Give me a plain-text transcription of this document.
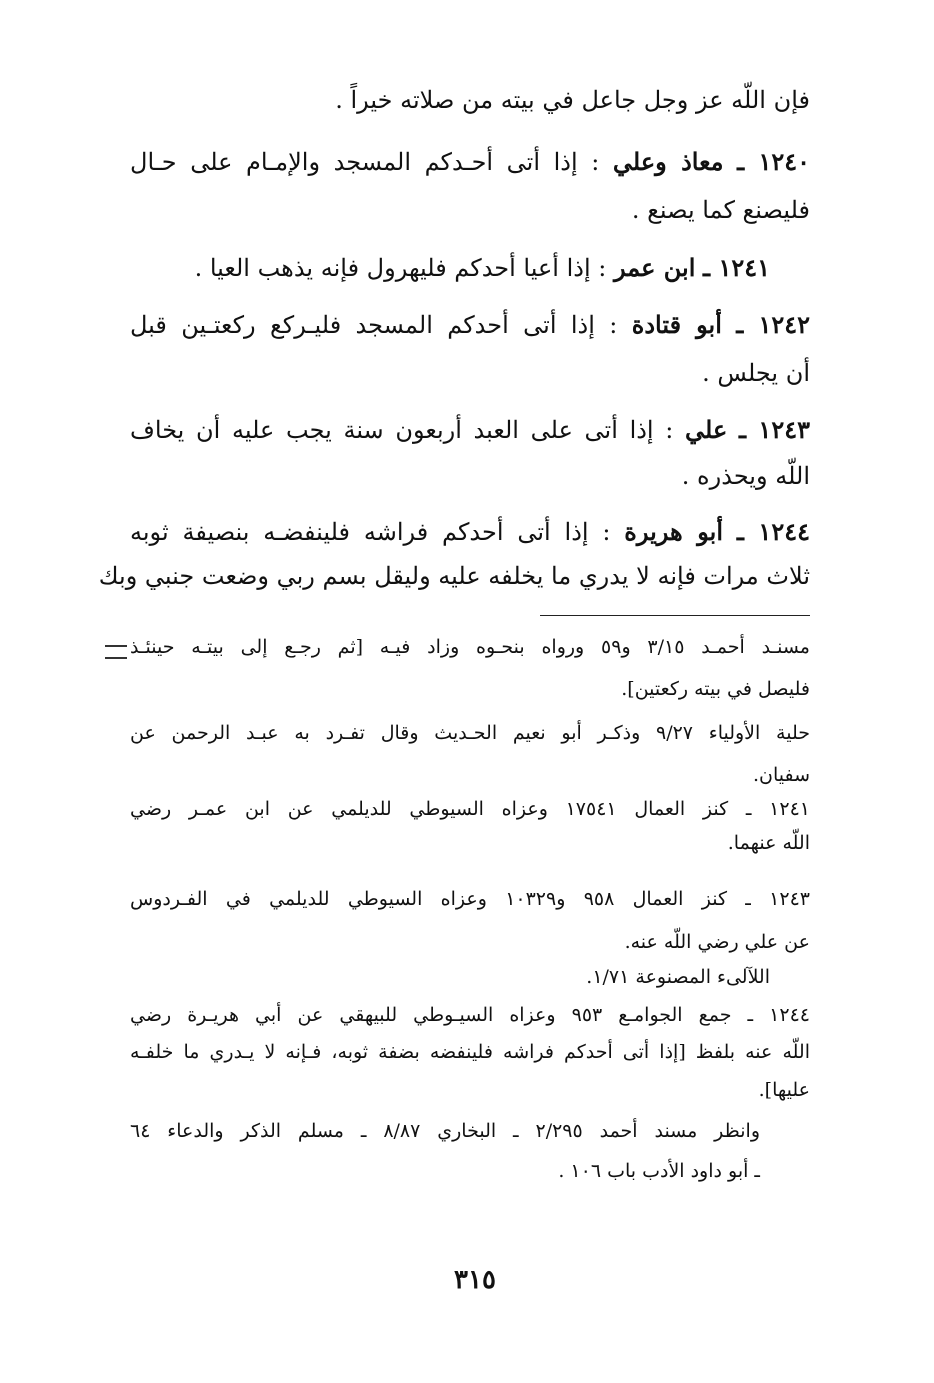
فإن اللّه عز وجل جاعل في بيته من صلاته خيراً .
١٢٤٠ ـ معاذ وعلي : إذا أتى أحـدكم المسجد والإمـام على حـال
فليصنع كما يصنع .
١٢٤١ ـ ابن عمر : إذا أعيا أحدكم فليهرول فإنه يذهب العيا .
١٢٤٢ ـ أبو قتادة : إذا أتى أحدكم المسجد فليـركع ركعتـين قبل
أن يجلس .
١٢٤٣ ـ علي : إذا أتى على العبد أربعون سنة يجب عليه أن يخاف
اللّه ويحذره .
١٢٤٤ ـ أبو هريرة : إذا أتى أحدكم فراشه فلينفضـه بنصيفة ثوبه
ثلاث مرات فإنه لا يدري ما يخلفه عليه وليقل بسم ربي وضعت جنبي وبك
مسنـد أحمـد ٣/١٥ و٥٩ ورواه بنحـوه وزاد فيـه [ثم رجـع إلى بيتـه حينئـذ
فليصل في بيته ركعتين].
حلية الأولياء ٩/٢٧ وذكـر أبو نعيم الحـديث وقال تفـرد به عبـد الرحمن عن
سفيان.
١٢٤١ ـ كنز العمال ١٧٥٤١ وعزاه السيوطي للديلمي عن ابن عمـر رضي
اللّه عنهما.
١٢٤٣ ـ كنز العمال ٩٥٨ و١٠٣٢٩ وعزاه السيوطي للديلمي في الفـردوس
عن علي رضي اللّه عنه.
اللآلىء المصنوعة ١/٧١.
١٢٤٤ ـ جمع الجوامـع ٩٥٣ وعزاه السيـوطي للبيهقي عن أبي هريـرة رضي
اللّه عنه بلفظ [إذا أتى أحدكم فراشه فلينفضه بضفة ثوبه، فـإنه لا يـدري ما خلفـه
عليها].
وانظر مسند أحمد ٢/٢٩٥ ـ البخاري ٨/٨٧ ـ مسلم الذكر والدعاء ٦٤
ـ أبو داود الأدب باب ١٠٦ .
٣١٥
